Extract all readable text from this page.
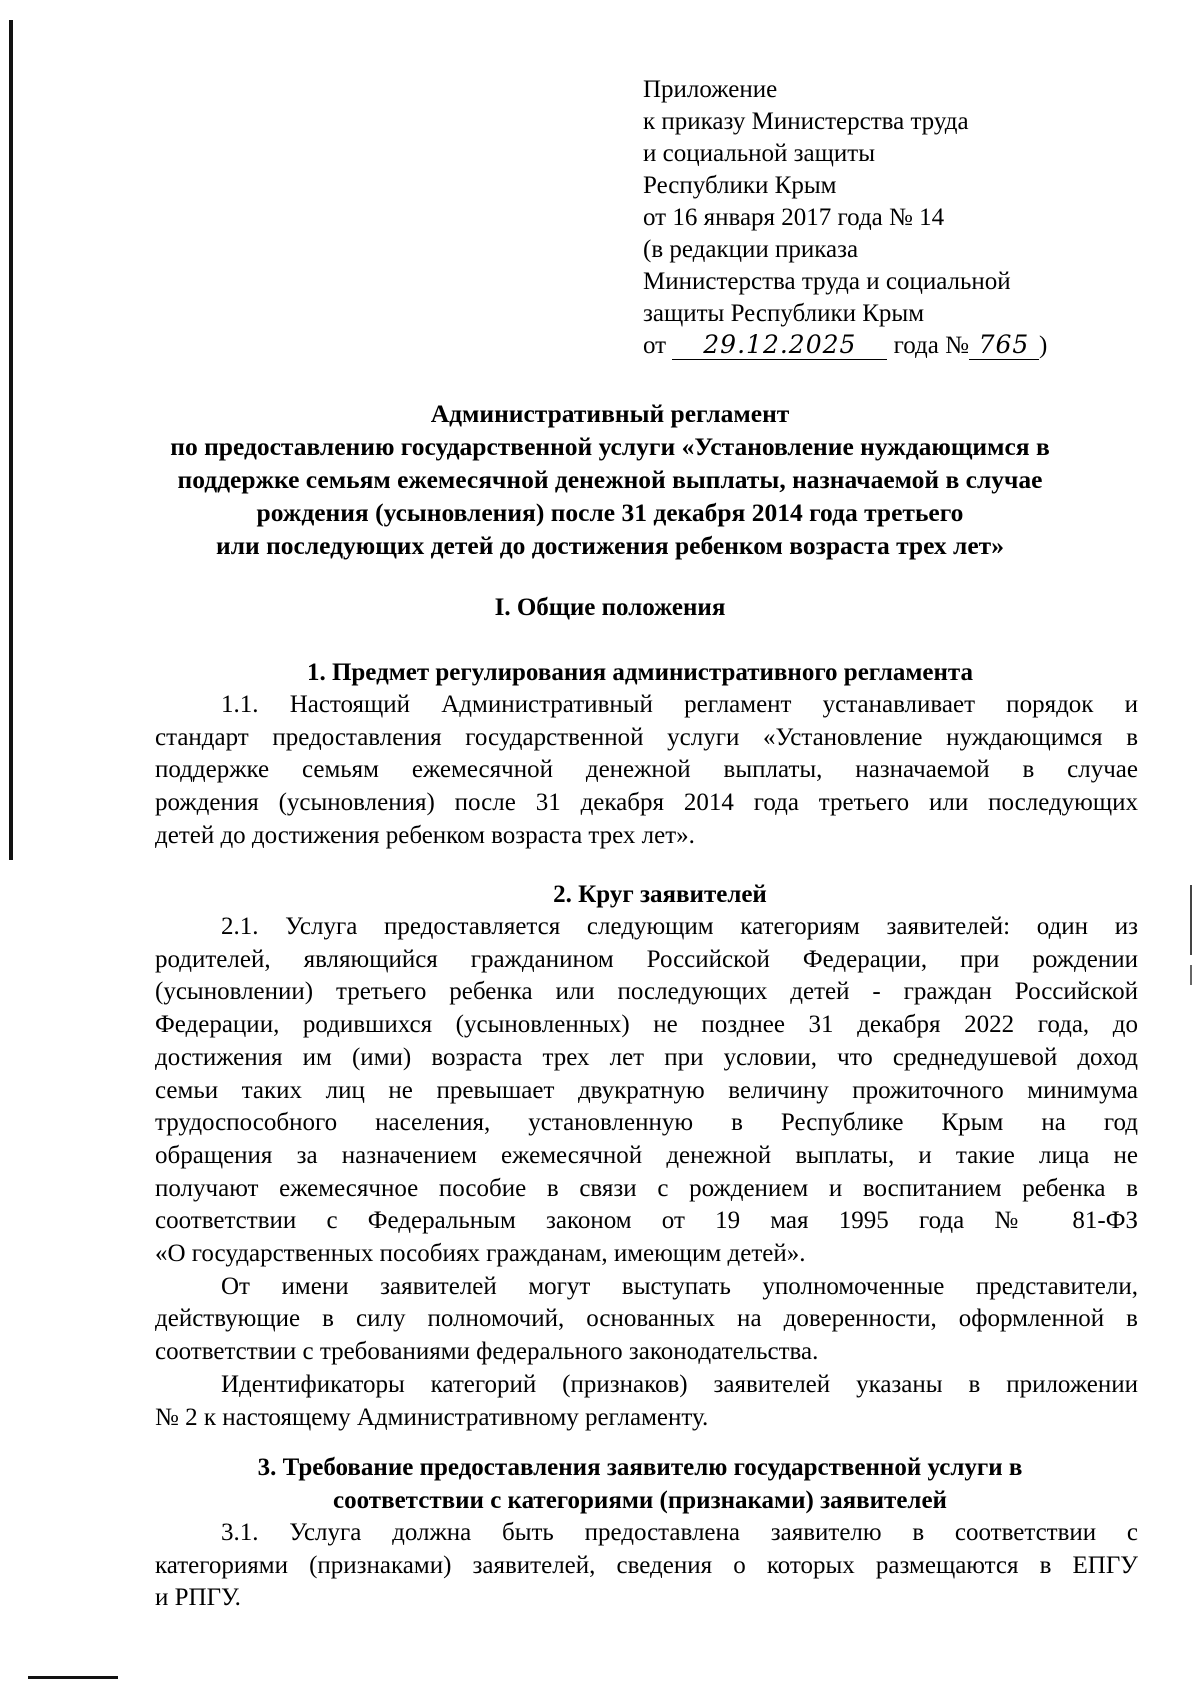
Приложение
к приказу Министерства труда
и социальной защиты
Республики Крым
от 16 января 2017 года № 14
(в редакции приказа
Министерства труда и социальной
защиты Республики Крым
от 29.12.2025 года № 765 )
Административный регламент
по предоставлению государственной услуги «Установление нуждающимся в
поддержке семьям ежемесячной денежной выплаты, назначаемой в случае
рождения (усыновления) после 31 декабря 2014 года третьего
или последующих детей до достижения ребенком возраста трех лет»
I. Общие положения
1. Предмет регулирования административного регламента
1.1. Настоящий Административный регламент устанавливает порядок и
стандарт предоставления государственной услуги «Установление нуждающимся в
поддержке семьям ежемесячной денежной выплаты, назначаемой в случае
рождения (усыновления) после 31 декабря 2014 года третьего или последующих
детей до достижения ребенком возраста трех лет».
2. Круг заявителей
2.1. Услуга предоставляется следующим категориям заявителей: один из
родителей, являющийся гражданином Российской Федерации, при рождении
(усыновлении) третьего ребенка или последующих детей - граждан Российской
Федерации, родившихся (усыновленных) не позднее 31 декабря 2022 года, до
достижения им (ими) возраста трех лет при условии, что среднедушевой доход
семьи таких лиц не превышает двукратную величину прожиточного минимума
трудоспособного населения, установленную в Республике Крым на год
обращения за назначением ежемесячной денежной выплаты, и такие лица не
получают ежемесячное пособие в связи с рождением и воспитанием ребенка в
соответствии с Федеральным законом от 19 мая 1995 года № 81-ФЗ
«О государственных пособиях гражданам, имеющим детей».
От имени заявителей могут выступать уполномоченные представители,
действующие в силу полномочий, основанных на доверенности, оформленной в
соответствии с требованиями федерального законодательства.
Идентификаторы категорий (признаков) заявителей указаны в приложении
№ 2 к настоящему Административному регламенту.
3. Требование предоставления заявителю государственной услуги в
соответствии с категориями (признаками) заявителей
3.1. Услуга должна быть предоставлена заявителю в соответствии с
категориями (признаками) заявителей, сведения о которых размещаются в ЕПГУ
и РПГУ.
